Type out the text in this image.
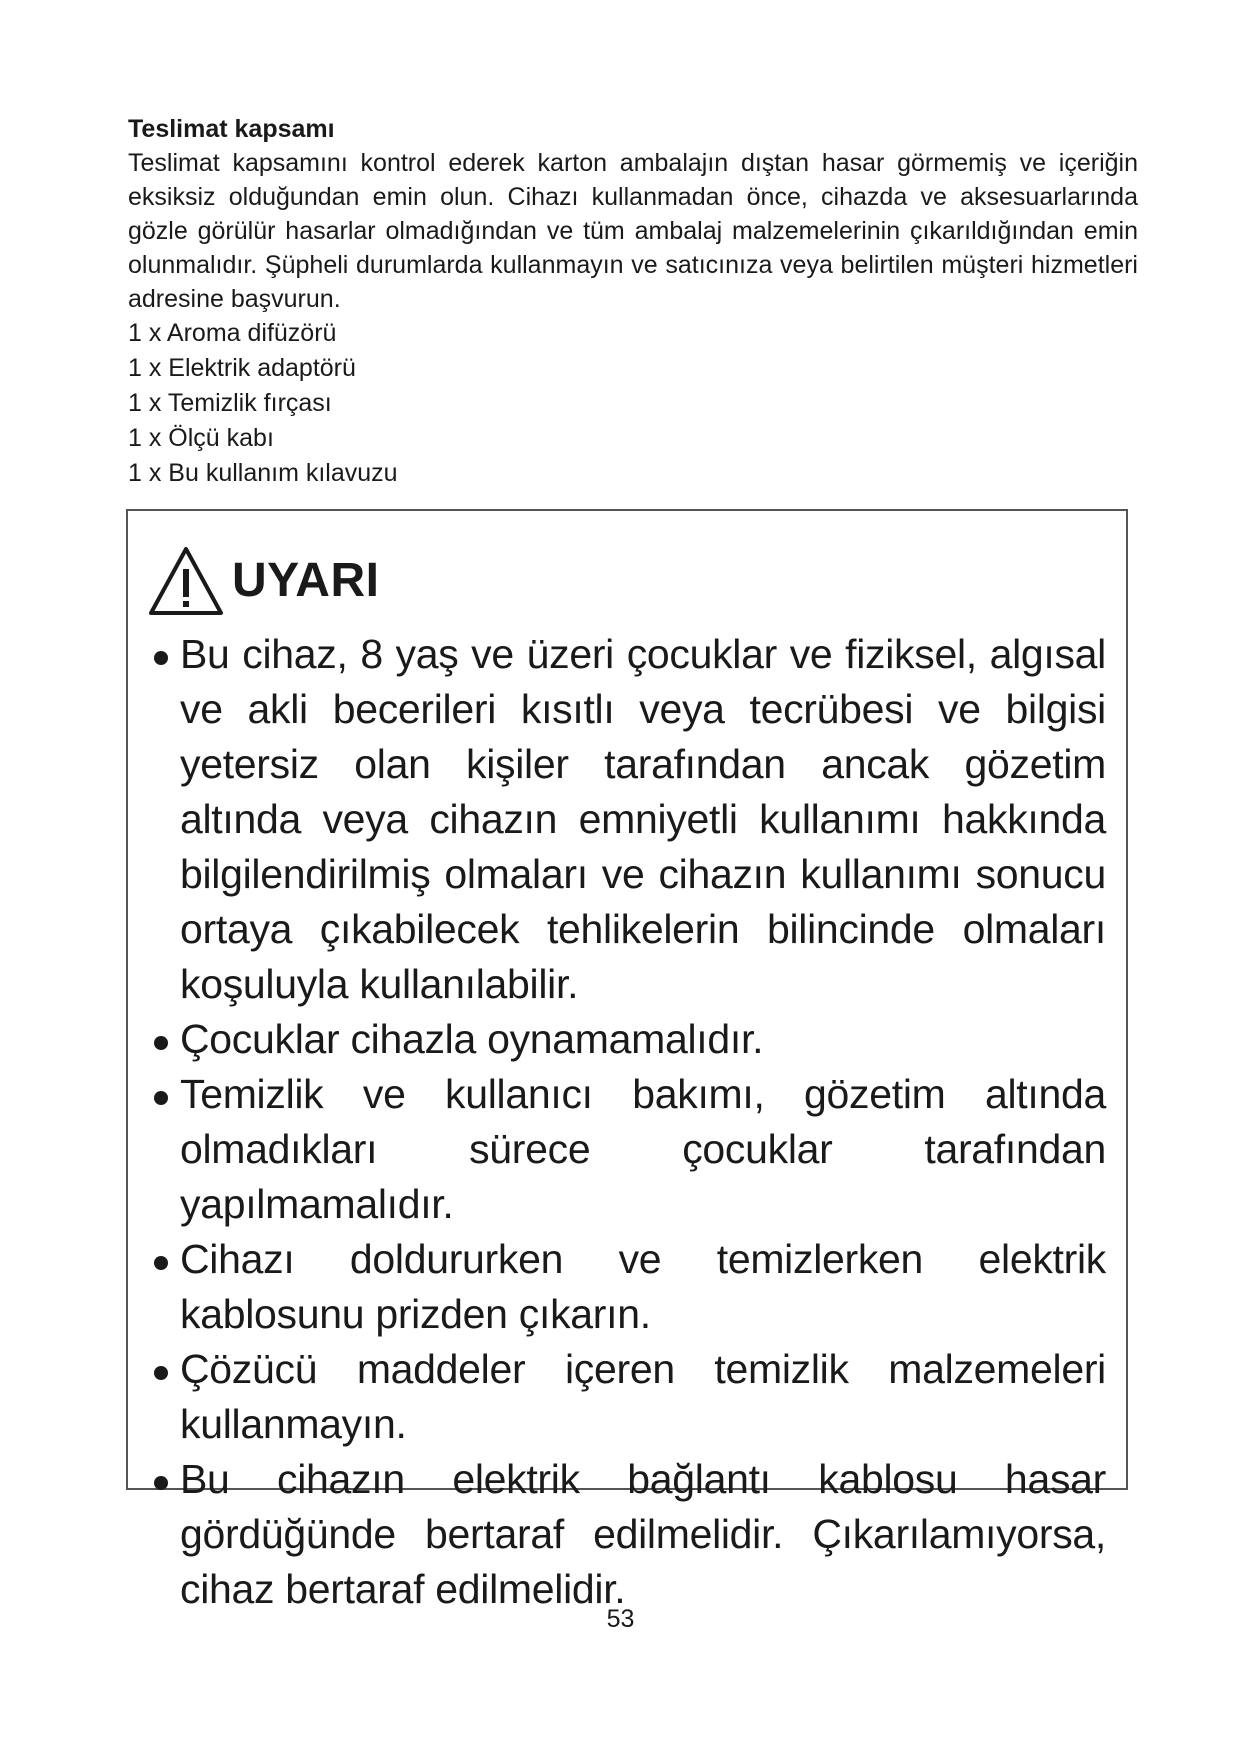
Teslimat kapsamı

Teslimat kapsamını kontrol ederek karton ambalajın dıştan hasar görmemiş ve içeriğin eksiksiz olduğundan emin olun. Cihazı kullanmadan önce, cihazda ve aksesuarlarında gözle görülür hasarlar olmadığından ve tüm ambalaj malzemelerinin çıkarıldığından emin olunmalıdır. Şüpheli durumlarda kullanmayın ve satıcınıza veya belirtilen müşteri hizmetleri adresine başvurun.

1 x Aroma difüzörü
1 x Elektrik adaptörü
1 x Temizlik fırçası
1 x Ölçü kabı
1 x Bu kullanım kılavuzu
UYARI
Bu cihaz, 8 yaş ve üzeri çocuklar ve fiziksel, algısal ve akli becerileri kısıtlı veya tecrübesi ve bilgisi yetersiz olan kişiler tarafından ancak gözetim altında veya cihazın emniyetli kullanımı hakkında bilgilendirilmiş olmaları ve cihazın kullanımı sonucu ortaya çıkabilecek tehlikelerin bilincinde olmaları koşuluyla kullanılabilir.
Çocuklar cihazla oynamamalıdır.
Temizlik ve kullanıcı bakımı, gözetim altında olmadıkları sürece çocuklar tarafından yapılmamalıdır.
Cihazı doldururken ve temizlerken elektrik kablosunu prizden çıkarın.
Çözücü maddeler içeren temizlik malzemeleri kullanmayın.
Bu cihazın elektrik bağlantı kablosu hasar gördüğünde bertaraf edilmelidir. Çıkarılamıyorsa, cihaz bertaraf edilmelidir.
53
